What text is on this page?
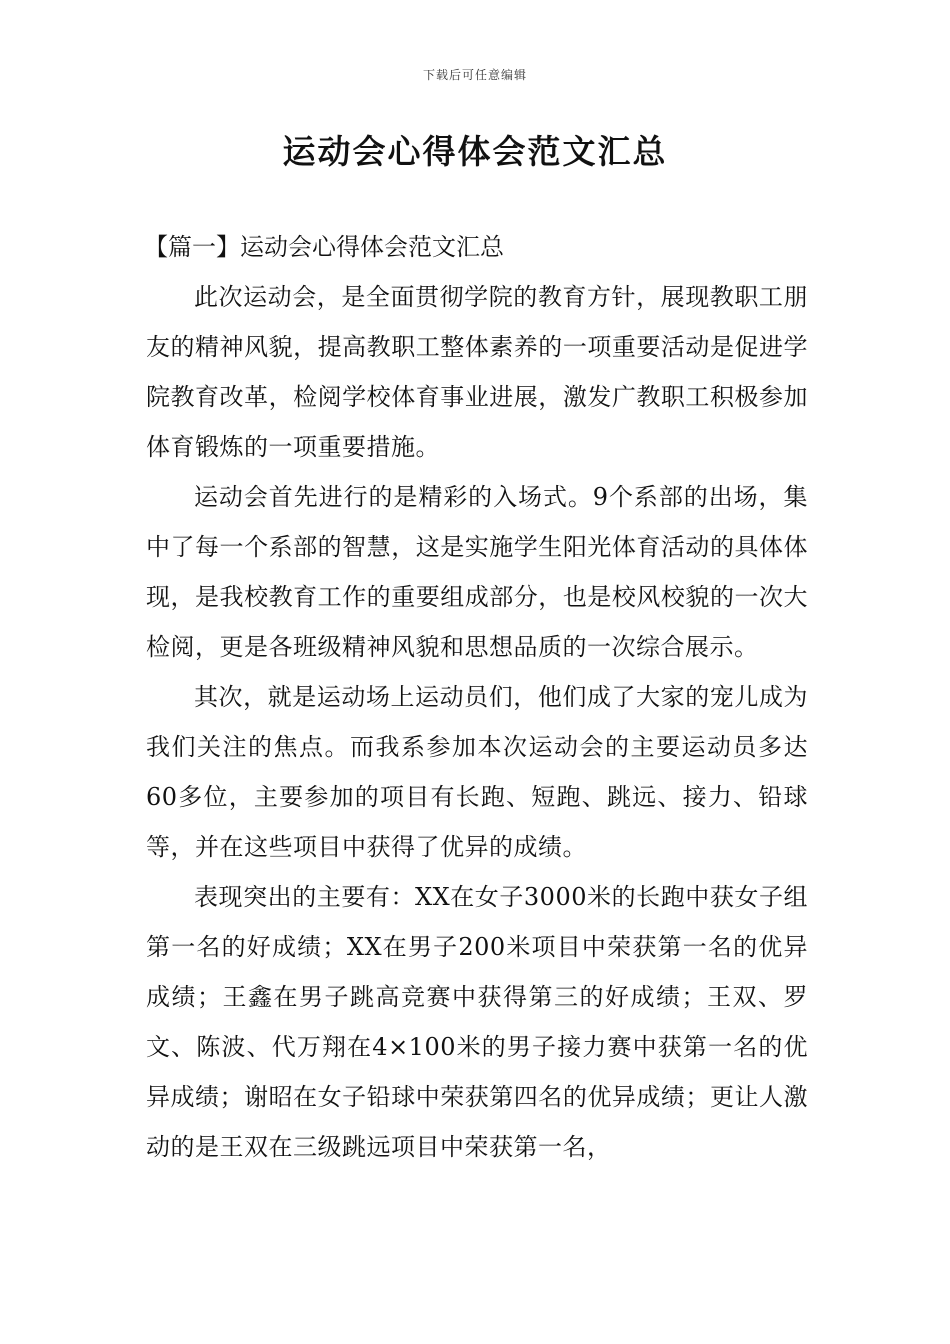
下载后可任意编辑
运动会心得体会范文汇总

【篇一】运动会心得体会范文汇总

此次运动会，是全面贯彻学院的教育方针，展现教职工朋友的精神风貌，提高教职工整体素养的一项重要活动是促进学院教育改革，检阅学校体育事业进展，激发广教职工积极参加体育锻炼的一项重要措施。

运动会首先进行的是精彩的入场式。9个系部的出场，集中了每一个系部的智慧，这是实施学生阳光体育活动的具体体现，是我校教育工作的重要组成部分，也是校风校貌的一次大检阅，更是各班级精神风貌和思想品质的一次综合展示。

其次，就是运动场上运动员们，他们成了大家的宠儿成为我们关注的焦点。而我系参加本次运动会的主要运动员多达60多位，主要参加的项目有长跑、短跑、跳远、接力、铅球等，并在这些项目中获得了优异的成绩。

表现突出的主要有：XX在女子3000米的长跑中获女子组第一名的好成绩；XX在男子200米项目中荣获第一名的优异成绩；王鑫在男子跳高竞赛中获得第三的好成绩；王双、罗文、陈波、代万翔在4×100米的男子接力赛中获第一名的优异成绩；谢昭在女子铅球中荣获第四名的优异成绩；更让人激动的是王双在三级跳远项目中荣获第一名，
